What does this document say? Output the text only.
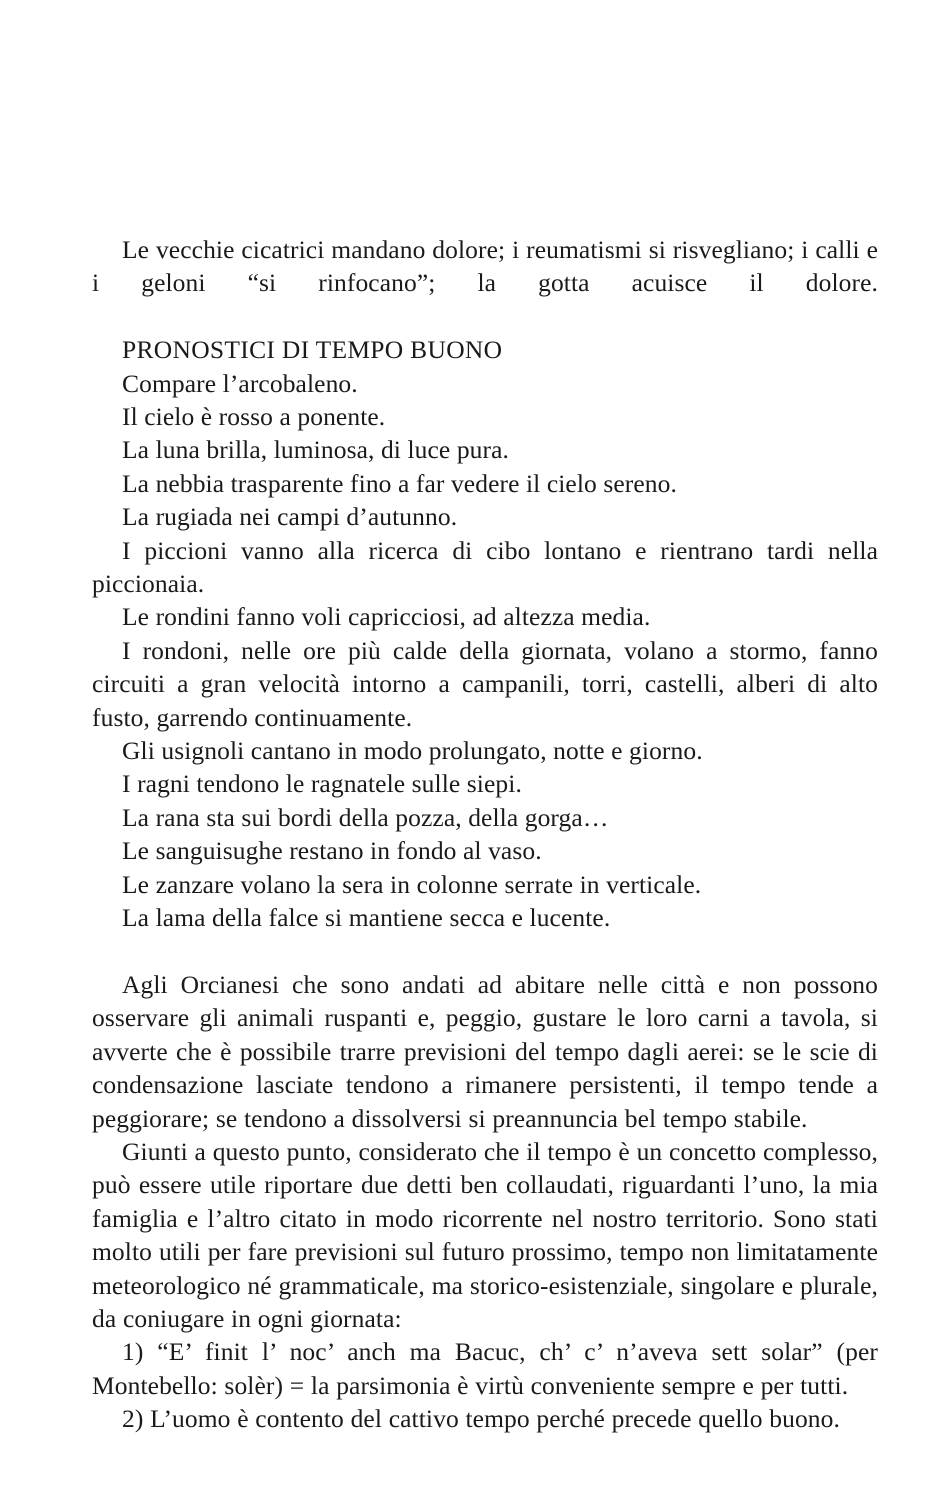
Le vecchie cicatrici mandano dolore; i reumatismi si risvegliano; i calli e i geloni “si rinfocano”; la gotta acuisce il dolore.

PRONOSTICI DI TEMPO BUONO

Compare l’arcobaleno.

Il cielo è rosso a ponente.

La luna brilla, luminosa, di luce pura.

La nebbia trasparente fino a far vedere il cielo sereno.

La rugiada nei campi d’autunno.

I piccioni vanno alla ricerca di cibo lontano e rientrano tardi nella piccionaia.

Le rondini fanno voli capricciosi, ad altezza media.

I rondoni, nelle ore più calde della giornata, volano a stormo, fanno circuiti a gran velocità intorno a campanili, torri, castelli, alberi di alto fusto, garrendo continuamente.

Gli usignoli cantano in modo prolungato, notte e giorno.

I ragni tendono le ragnatele sulle siepi.

La rana sta sui bordi della pozza, della gorga…

Le sanguisughe restano in fondo al vaso.

Le zanzare volano la sera in colonne serrate in verticale.

La lama della falce si mantiene secca e lucente.

Agli Orcianesi che sono andati ad abitare nelle città e non possono osservare gli animali ruspanti e, peggio, gustare le loro carni a tavola, si avverte che è possibile trarre previsioni del tempo dagli aerei: se le scie di condensazione lasciate tendono a rimanere persistenti, il tempo tende a peggiorare; se tendono a dissolversi si preannuncia bel tempo stabile.

Giunti a questo punto, considerato che il tempo è un concetto complesso, può essere utile riportare due detti ben collaudati, riguardanti l’uno, la mia famiglia e l’altro citato in modo ricorrente nel nostro territorio. Sono stati molto utili per fare previsioni sul futuro prossimo, tempo non limitatamente meteorologico né grammaticale, ma storico-esistenziale, singolare e plurale, da coniugare in ogni giornata:

1) “E’ finit l’ noc’ anch ma Bacuc, ch’ c’ n’aveva sett solar” (per Montebello: solèr) = la parsimonia è virtù conveniente sempre e per tutti.

2) L’uomo è contento del cattivo tempo perché precede quello buono.
